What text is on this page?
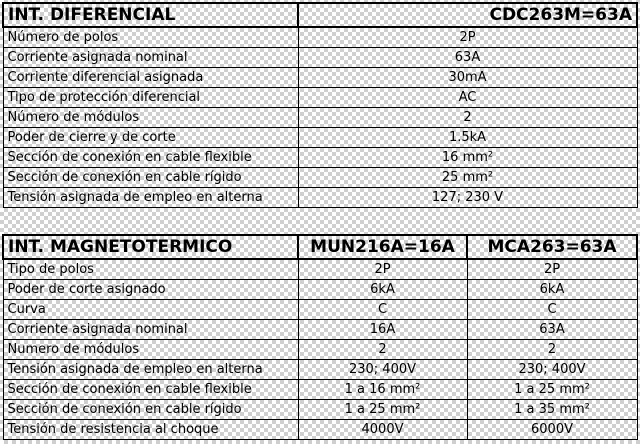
INT. DIFERENCIAL	CDC263M=63A
Número de polos	2P
Corriente asignada nominal	63A
Corriente diferencial asignada	30mA
Tipo de protección diferencial	AC
Número de módulos	2
Poder de cierre y de corte	1.5kA
Sección de conexión en cable flexible	16 mm²
Sección de conexión en cable rígido	25 mm²
Tensión asignada de empleo en alterna	127; 230 V
INT. MAGNETOTERMICO	MUN216A=16A	MCA263=63A
Tipo de polos	2P	2P
Poder de corte asignado	6kA	6kA
Curva	C	C
Corriente asignada nominal	16A	63A
Numero de módulos	2	2
Tensión asignada de empleo en alterna	230; 400V	230; 400V
Sección de conexión en cable flexible	1 a 16 mm²	1 a 25 mm²
Sección de conexión en cable rígido	1 a 25 mm²	1 a 35 mm²
Tensión de resistencia al choque	4000V	6000V
